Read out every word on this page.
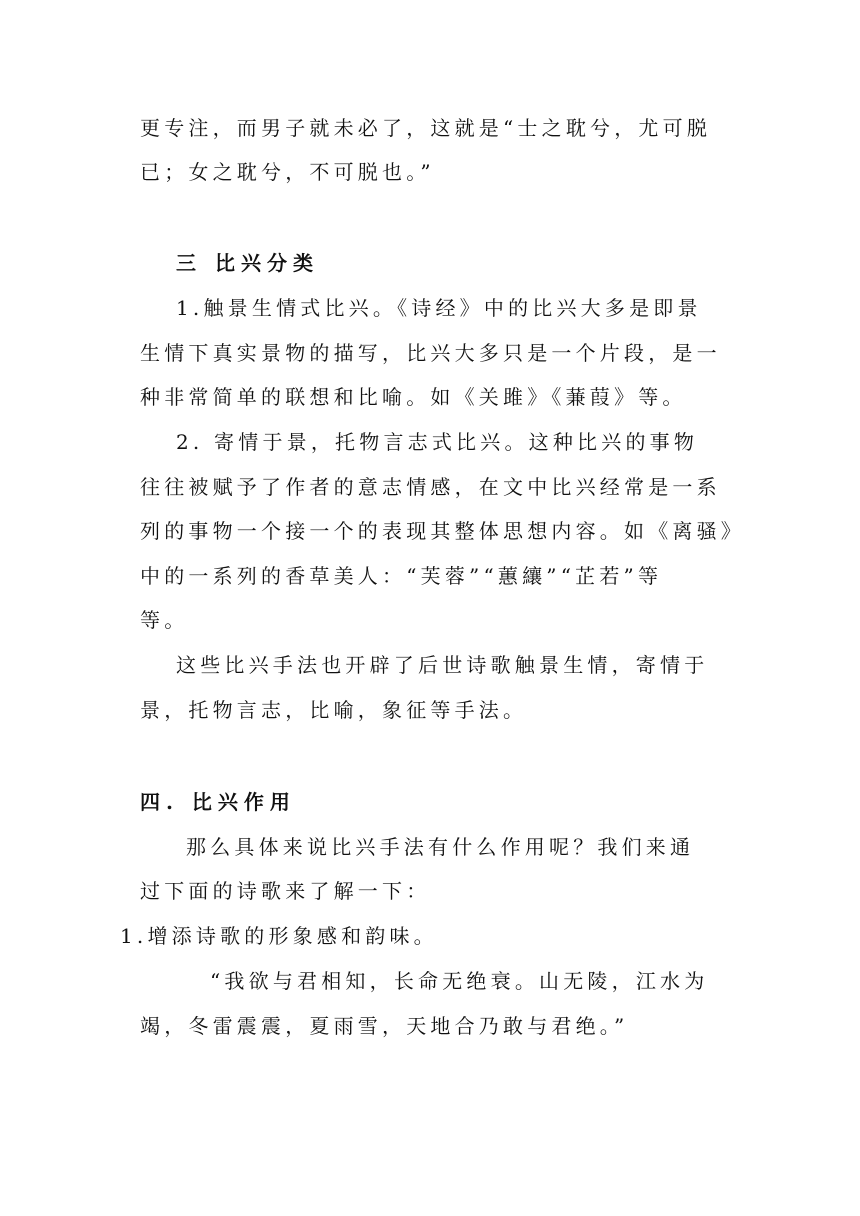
更专注，而男子就未必了，这就是“士之耽兮，尤可脱
已；女之耽兮，不可脱也。”
三 比兴分类
1.触景生情式比兴。《诗经》中的比兴大多是即景
生情下真实景物的描写，比兴大多只是一个片段，是一
种非常简单的联想和比喻。如《关雎》《蒹葭》等。
2. 寄情于景，托物言志式比兴。这种比兴的事物
往往被赋予了作者的意志情感，在文中比兴经常是一系
列的事物一个接一个的表现其整体思想内容。如《离骚》
中的一系列的香草美人：“芙蓉”“蕙纕”“芷若”等
等。
这些比兴手法也开辟了后世诗歌触景生情，寄情于
景，托物言志，比喻，象征等手法。
四. 比兴作用
那么具体来说比兴手法有什么作用呢？我们来通
过下面的诗歌来了解一下：
1.增添诗歌的形象感和韵味。
“我欲与君相知，长命无绝衰。山无陵，江水为
竭，冬雷震震，夏雨雪，天地合乃敢与君绝。”
